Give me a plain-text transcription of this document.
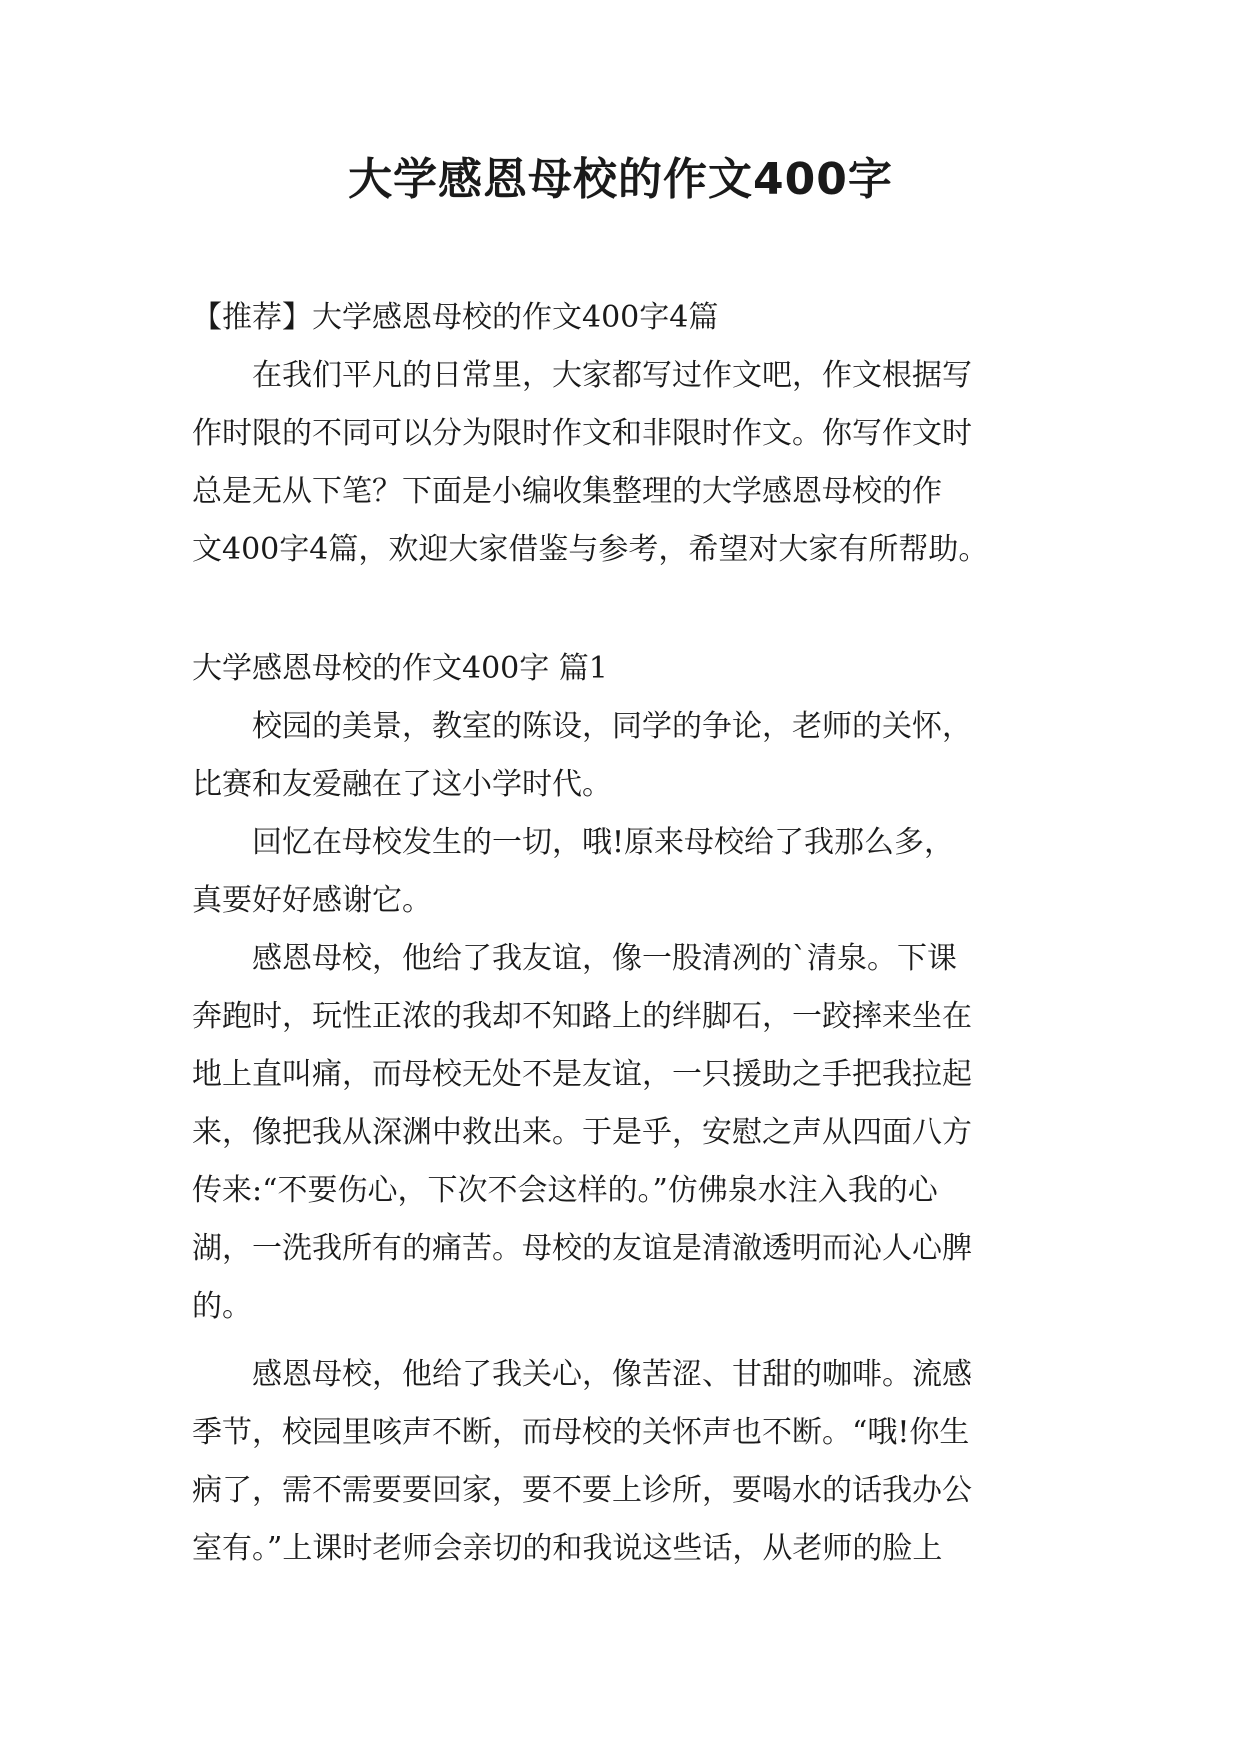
大学感恩母校的作文400字
【推荐】大学感恩母校的作文400字4篇
在我们平凡的日常里，大家都写过作文吧，作文根据写
作时限的不同可以分为限时作文和非限时作文。你写作文时
总是无从下笔？下面是小编收集整理的大学感恩母校的作
文400字4篇，欢迎大家借鉴与参考，希望对大家有所帮助。
大学感恩母校的作文400字 篇1
校园的美景，教室的陈设，同学的争论，老师的关怀，
比赛和友爱融在了这小学时代。
回忆在母校发生的一切，哦!原来母校给了我那么多，
真要好好感谢它。
感恩母校，他给了我友谊，像一股清冽的`清泉。下课
奔跑时，玩性正浓的我却不知路上的绊脚石，一跤摔来坐在
地上直叫痛，而母校无处不是友谊，一只援助之手把我拉起
来，像把我从深渊中救出来。于是乎，安慰之声从四面八方
传来:“不要伤心，下次不会这样的。”仿佛泉水注入我的心
湖，一洗我所有的痛苦。母校的友谊是清澈透明而沁人心脾
的。
感恩母校，他给了我关心，像苦涩、甘甜的咖啡。流感
季节，校园里咳声不断，而母校的关怀声也不断。“哦!你生
病了，需不需要要回家，要不要上诊所，要喝水的话我办公
室有。”上课时老师会亲切的和我说这些话，从老师的脸上
